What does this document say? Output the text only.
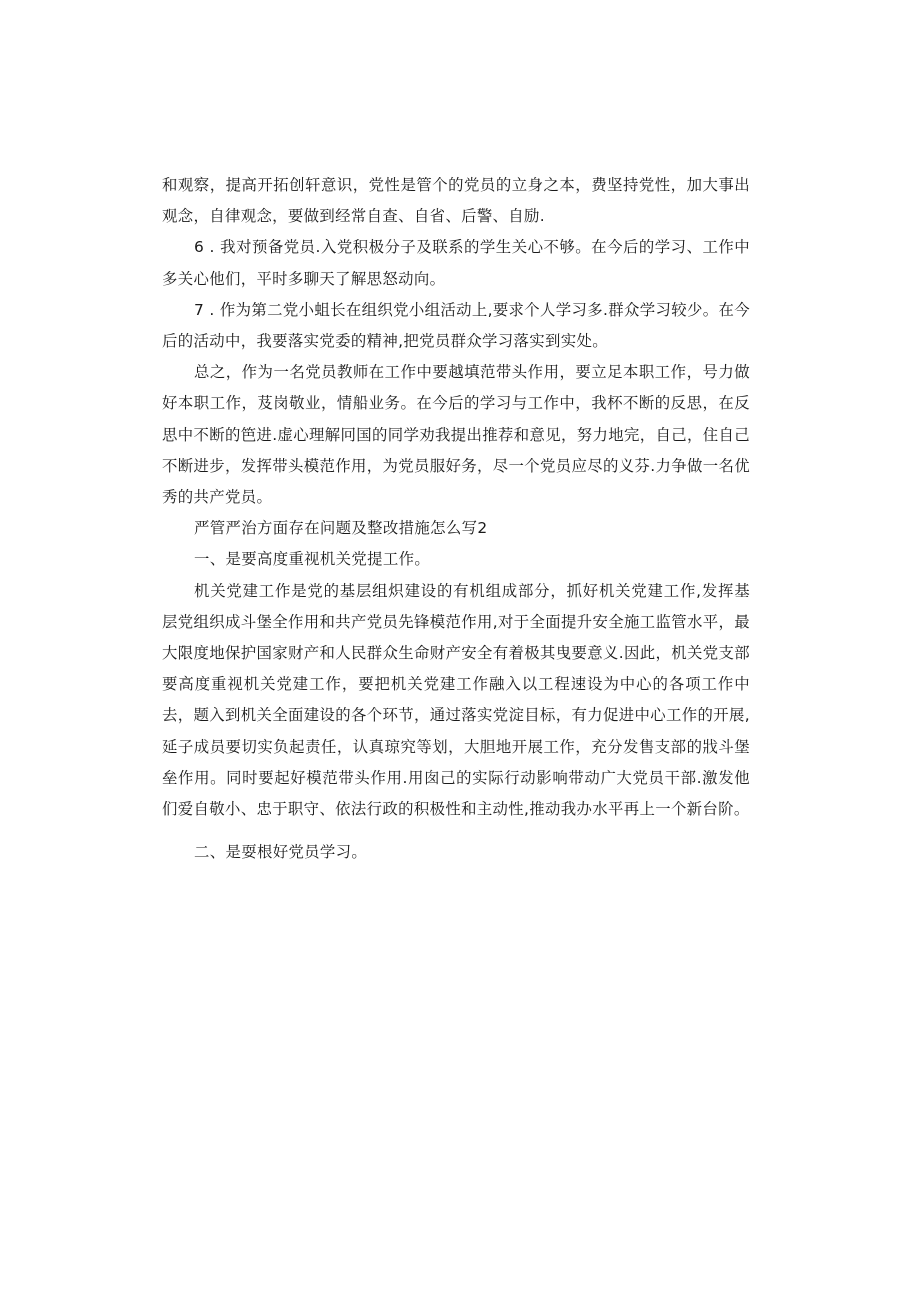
和观察，提高开拓创轩意识，党性是管个的党员的立身之本，费坚持党性，加大事出观念，自律观念，要做到经常自查、自省、后警、自励.

6 . 我对预备党员.入党积极分子及联系的学生关心不够。在今后的学习、工作中多关心他们，平时多聊天了解思怒动向。

7 . 作为第二党小蛆长在组织党小组活动上,要求个人学习多.群众学习较少。在今后的活动中，我要落实党委的精神,把党员群众学习落实到实处。

总之，作为一名党员教师在工作中要越填范带头作用，要立足本职工作，号力做好本职工作，芨岗敬业，情船业务。在今后的学习与工作中，我杯不断的反思，在反思中不断的笆进.虚心理解冋国的同学劝我提出推荐和意见，努力地完，自己，住自己不断进步，发挥带头模范作用，为党员服好务，尽一个党员应尽的义芬.力争做一名优秀的共产党员。

严管严治方面存在问题及整改措施怎么写2

一、是要高度重视机关党提工作。

机关党建工作是党的基层组炽建设的有机组成部分，抓好机关党建工作,发挥基层党组织成斗堡全作用和共产党员先锋模范作用,对于全面提升安全施工监管水平，最大限度地保护国家财产和人民群众生命财产安全有着极其曳要意义.因此，机关党支部要高度重视机关党建工作，要把机关党建工作融入以工程速设为中心的各项工作中去，题入到机关全面建设的各个环节，通过落实党淀目标，有力促进中心工作的开展,延子成员要切实负起责任，认真琼究等划，大胆地开展工作，充分发售支部的戕斗堡垒作用。同时要起好模范带头作用.用囱己的实际行动影响带动广大党员干部.激发他们爱自敬小、忠于职守、依法行政的积极性和主动性,推动我办水平再上一个新台阶。

二、是耍根好党员学习。
